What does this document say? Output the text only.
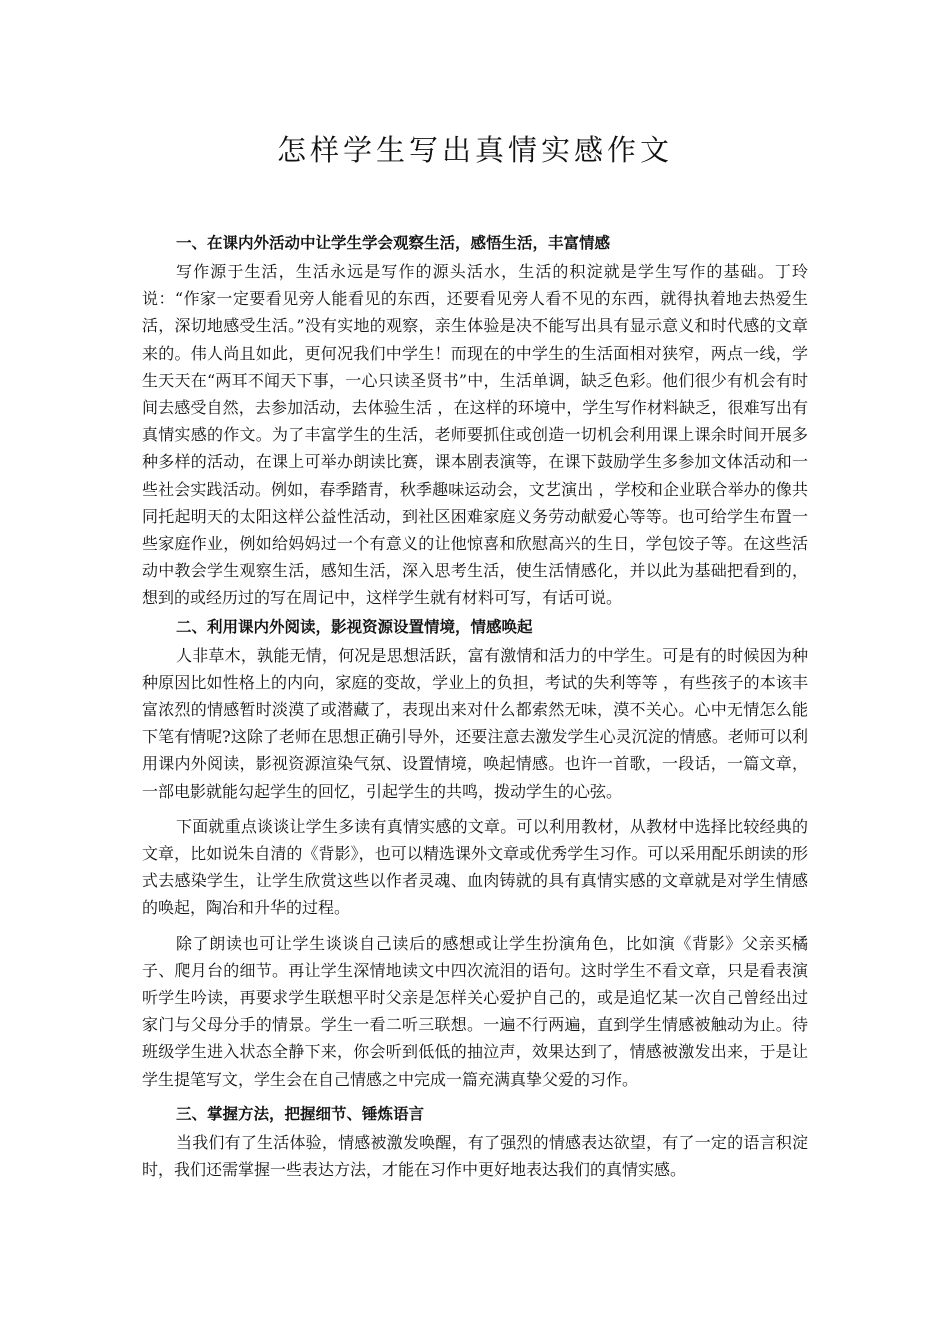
怎样学生写出真情实感作文
一、在课内外活动中让学生学会观察生活，感悟生活，丰富情感

写作源于生活，生活永远是写作的源头活水，生活的积淀就是学生写作的基础。丁玲说：“作家一定要看见旁人能看见的东西，还要看见旁人看不见的东西，就得执着地去热爱生活，深切地感受生活。”没有实地的观察，亲生体验是决不能写出具有显示意义和时代感的文章来的。伟人尚且如此，更何况我们中学生！而现在的中学生的生活面相对狭窄，两点一线，学生天天在“两耳不闻天下事，一心只读圣贤书”中，生活单调，缺乏色彩。他们很少有机会有时间去感受自然，去参加活动，去体验生活 ，在这样的环境中，学生写作材料缺乏，很难写出有真情实感的作文。为了丰富学生的生活，老师要抓住或创造一切机会利用课上课余时间开展多种多样的活动，在课上可举办朗读比赛，课本剧表演等，在课下鼓励学生多参加文体活动和一些社会实践活动。例如，春季踏青，秋季趣味运动会，文艺演出 ，学校和企业联合举办的像共同托起明天的太阳这样公益性活动，到社区困难家庭义务劳动献爱心等等。也可给学生布置一些家庭作业，例如给妈妈过一个有意义的让他惊喜和欣慰高兴的生日，学包饺子等。在这些活动中教会学生观察生活，感知生活，深入思考生活，使生活情感化，并以此为基础把看到的，想到的或经历过的写在周记中，这样学生就有材料可写，有话可说。

二、利用课内外阅读，影视资源设置情境，情感唤起

人非草木，孰能无情，何况是思想活跃，富有激情和活力的中学生。可是有的时候因为种种原因比如性格上的内向，家庭的变故，学业上的负担，考试的失利等等 ，有些孩子的本该丰富浓烈的情感暂时淡漠了或潜藏了，表现出来对什么都索然无味，漠不关心。心中无情怎么能下笔有情呢?这除了老师在思想正确引导外，还要注意去激发学生心灵沉淀的情感。老师可以利用课内外阅读，影视资源渲染气氛、设置情境，唤起情感。也许一首歌，一段话，一篇文章，一部电影就能勾起学生的回忆，引起学生的共鸣，拨动学生的心弦。

下面就重点谈谈让学生多读有真情实感的文章。可以利用教材，从教材中选择比较经典的文章，比如说朱自清的《背影》，也可以精选课外文章或优秀学生习作。可以采用配乐朗读的形式去感染学生，让学生欣赏这些以作者灵魂、血肉铸就的具有真情实感的文章就是对学生情感的唤起，陶冶和升华的过程。

除了朗读也可让学生谈谈自己读后的感想或让学生扮演角色，比如演《背影》父亲买橘子、爬月台的细节。再让学生深情地读文中四次流泪的语句。这时学生不看文章，只是看表演听学生吟读，再要求学生联想平时父亲是怎样关心爱护自己的，或是追忆某一次自己曾经出过家门与父母分手的情景。学生一看二听三联想。一遍不行两遍，直到学生情感被触动为止。待班级学生进入状态全静下来，你会听到低低的抽泣声，效果达到了，情感被激发出来，于是让学生提笔写文，学生会在自己情感之中完成一篇充满真挚父爱的习作。

三、掌握方法，把握细节、锤炼语言

当我们有了生活体验，情感被激发唤醒，有了强烈的情感表达欲望，有了一定的语言积淀时，我们还需掌握一些表达方法，才能在习作中更好地表达我们的真情实感。
